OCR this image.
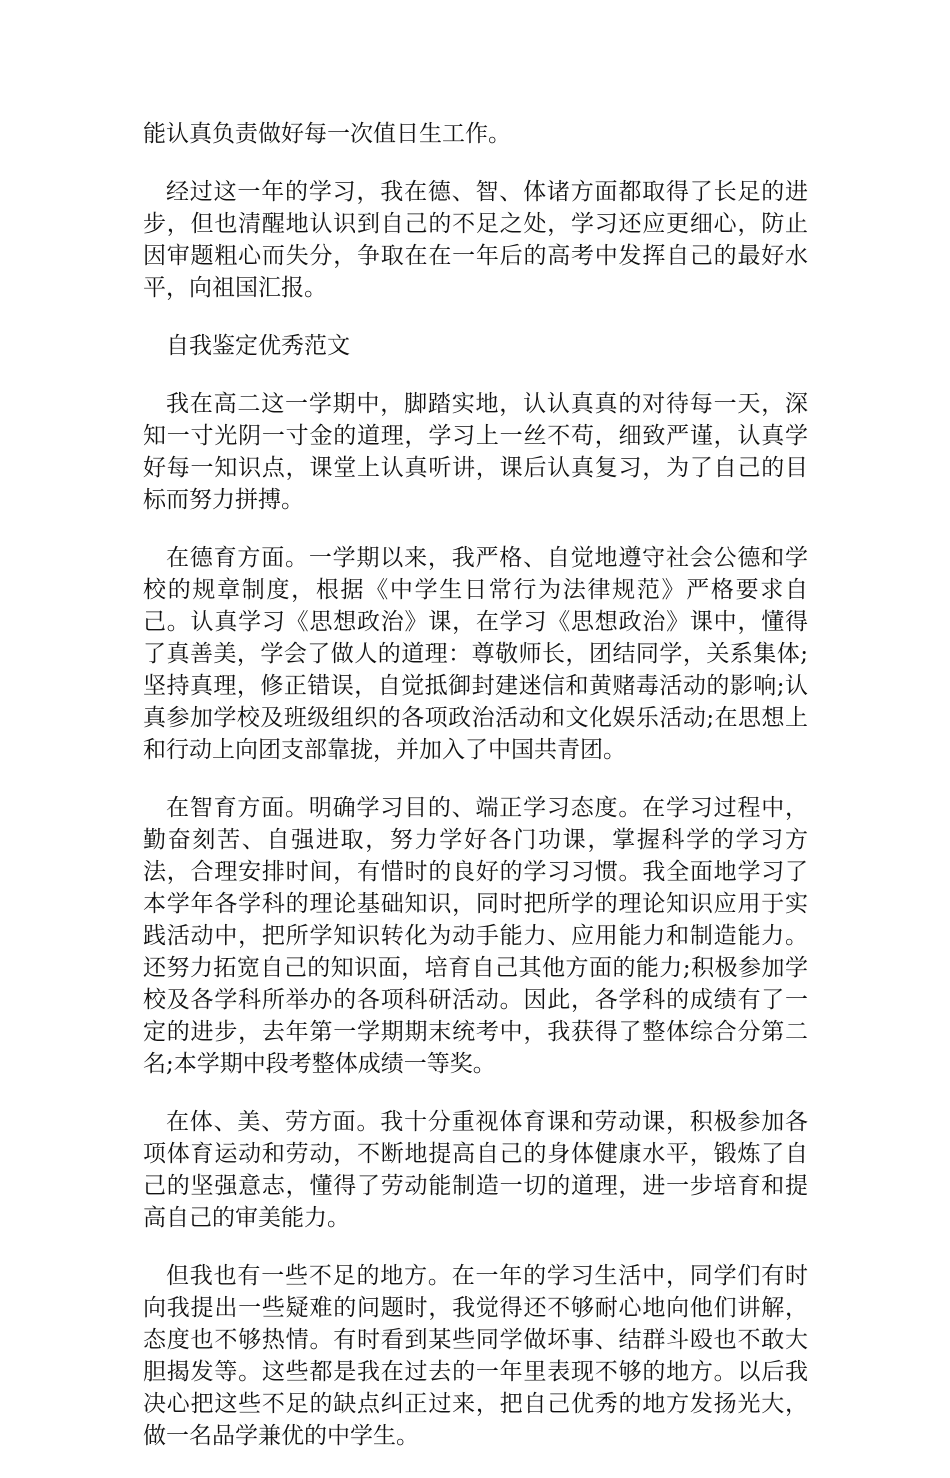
能认真负责做好每一次值日生工作。

经过这一年的学习，我在德、智、体诸方面都取得了长足的进步，但也清醒地认识到自己的不足之处，学习还应更细心，防止因审题粗心而失分，争取在在一年后的高考中发挥自己的最好水平，向祖国汇报。

自我鉴定优秀范文

我在高二这一学期中，脚踏实地，认认真真的对待每一天，深知一寸光阴一寸金的道理，学习上一丝不苟，细致严谨，认真学好每一知识点，课堂上认真听讲，课后认真复习，为了自己的目标而努力拼搏。

在德育方面。一学期以来，我严格、自觉地遵守社会公德和学校的规章制度，根据《中学生日常行为法律规范》严格要求自己。认真学习《思想政治》课，在学习《思想政治》课中，懂得了真善美，学会了做人的道理：尊敬师长，团结同学，关系集体;坚持真理，修正错误，自觉抵御封建迷信和黄赌毒活动的影响;认真参加学校及班级组织的各项政治活动和文化娱乐活动;在思想上和行动上向团支部靠拢，并加入了中国共青团。

在智育方面。明确学习目的、端正学习态度。在学习过程中，勤奋刻苦、自强进取，努力学好各门功课，掌握科学的学习方法，合理安排时间，有惜时的良好的学习习惯。我全面地学习了本学年各学科的理论基础知识，同时把所学的理论知识应用于实践活动中，把所学知识转化为动手能力、应用能力和制造能力。还努力拓宽自己的知识面，培育自己其他方面的能力;积极参加学校及各学科所举办的各项科研活动。因此，各学科的成绩有了一定的进步，去年第一学期期末统考中，我获得了整体综合分第二名;本学期中段考整体成绩一等奖。

在体、美、劳方面。我十分重视体育课和劳动课，积极参加各项体育运动和劳动，不断地提高自己的身体健康水平，锻炼了自己的坚强意志，懂得了劳动能制造一切的道理，进一步培育和提高自己的审美能力。

但我也有一些不足的地方。在一年的学习生活中，同学们有时向我提出一些疑难的问题时，我觉得还不够耐心地向他们讲解，态度也不够热情。有时看到某些同学做坏事、结群斗殴也不敢大胆揭发等。这些都是我在过去的一年里表现不够的地方。以后我决心把这些不足的缺点纠正过来，把自己优秀的地方发扬光大，做一名品学兼优的中学生。
